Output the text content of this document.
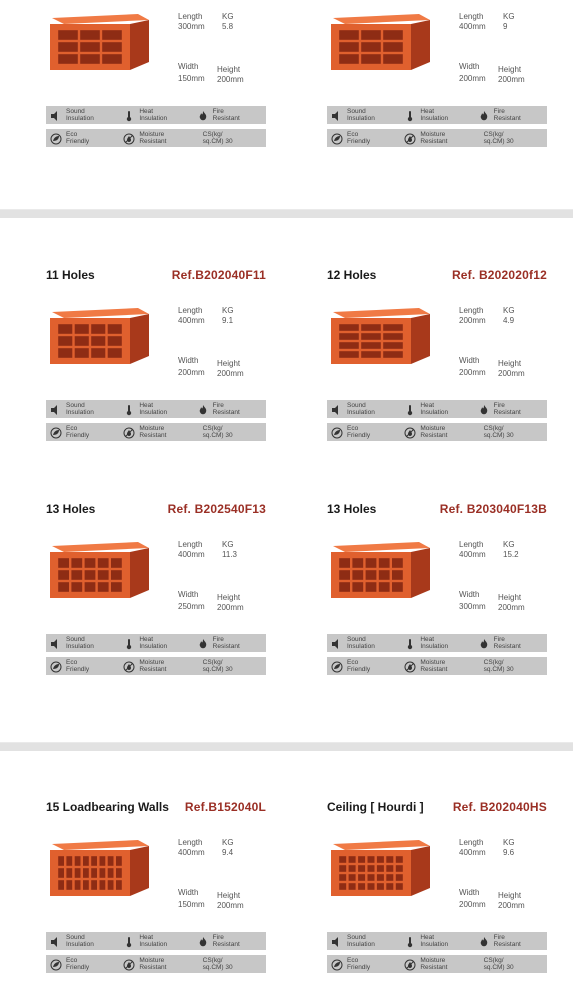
Length
300mm
KG
5.8
Width
150mm
Height
200mm
Sound
Insulation
Heat
Insulation
Fire
Resistant
Eco
Friendly
Moisture
Resistant
CS(kg/
sq.CM) 30
Length
400mm
KG
9
Width
200mm
Height
200mm
Sound
Insulation
Heat
Insulation
Fire
Resistant
Eco
Friendly
Moisture
Resistant
CS(kg/
sq.CM) 30
11 Holes	Ref.B202040F11
Length
400mm
KG
9.1
Width
200mm
Height
200mm
Sound
Insulation
Heat
Insulation
Fire
Resistant
Eco
Friendly
Moisture
Resistant
CS(kg/
sq.CM) 30
12 Holes	Ref. B202020f12
Length
200mm
KG
4.9
Width
200mm
Height
200mm
Sound
Insulation
Heat
Insulation
Fire
Resistant
Eco
Friendly
Moisture
Resistant
CS(kg/
sq.CM) 30
13 Holes	Ref. B202540F13
Length
400mm
KG
11.3
Width
250mm
Height
200mm
Sound
Insulation
Heat
Insulation
Fire
Resistant
Eco
Friendly
Moisture
Resistant
CS(kg/
sq.CM) 30
13 Holes	Ref. B203040F13B
Length
400mm
KG
15.2
Width
300mm
Height
200mm
Sound
Insulation
Heat
Insulation
Fire
Resistant
Eco
Friendly
Moisture
Resistant
CS(kg/
sq.CM) 30
15 Loadbearing Walls Ref.B152040L
Length
400mm
KG
9.4
Width
150mm
Height
200mm
Sound
Insulation
Heat
Insulation
Fire
Resistant
Eco
Friendly
Moisture
Resistant
CS(kg/
sq.CM) 30
Ceiling [ Hourdi ] Ref. B202040HS
Length
400mm
KG
9.6
Width
200mm
Height
200mm
Sound
Insulation
Heat
Insulation
Fire
Resistant
Eco
Friendly
Moisture
Resistant
CS(kg/
sq.CM) 30
